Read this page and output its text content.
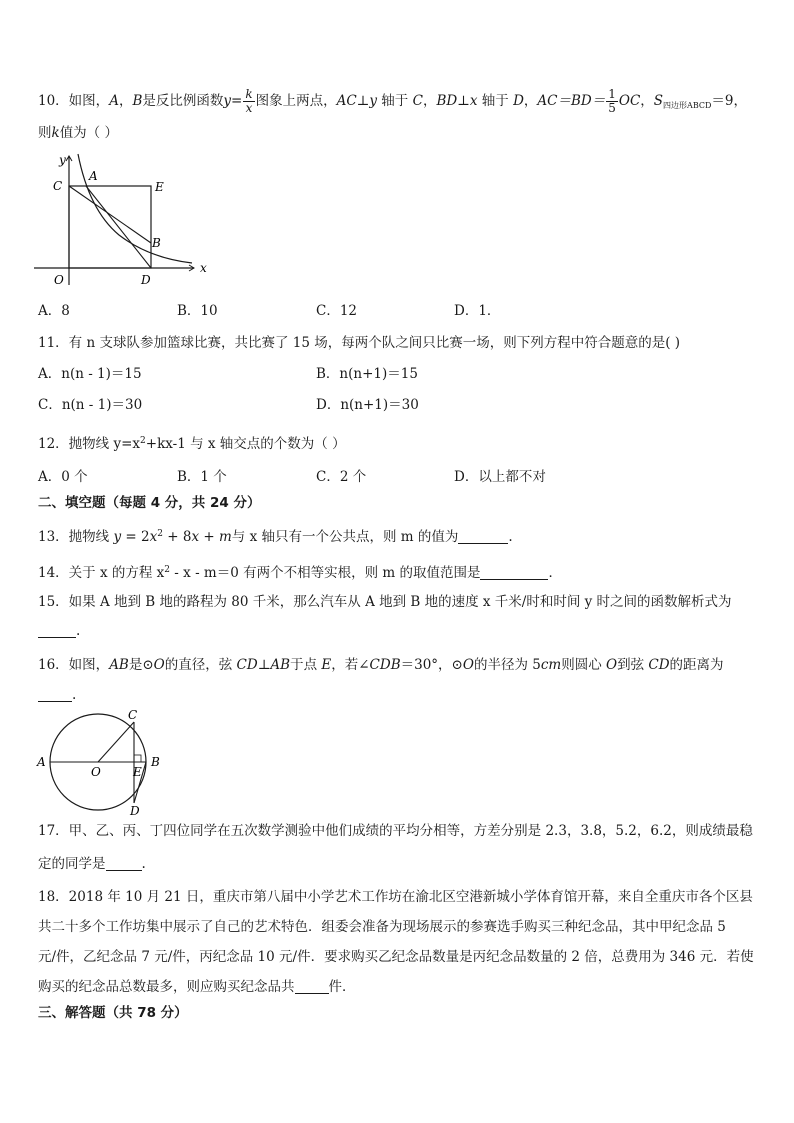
10．如图，A，B是反比例函数$y= \frac{k}{x}$ 图象上两点，AC⊥y 轴于 C，BD⊥x 轴于 D，$AC=BD= \frac{1}{5}$ OC，$S_{四边形ABCD}=9$，
则k值为（ ）
y
x
C
A
E
B
O	D
A．8	B．10	C．12	D．1．
11．有 n 支球队参加篮球比赛，共比赛了 15 场，每两个队之间只比赛一场，则下列方程中符合题意的是( )
A．n(n - 1)＝15	B．n(n+1)＝15
C．n(n - 1)＝30	D．n(n+1)＝30
12．抛物线 $y=x^2+kx-1$ 与 x 轴交点的个数为（ ）
A．0 个	B．1 个	C．2 个	D．以上都不对
二、填空题（每题 4 分，共 24 分）
13．抛物线 $y = 2x^2 + 8x + m$与 x 轴只有一个公共点，则 m 的值为	.
14．关于 x 的方程 $x^2 - x - m=0$ 有两个不相等实根，则 m 的取值范围是	．
15．如果 A 地到 B 地的路程为 80 千米，那么汽车从 A 地到 B 地的速度 x 千米/时和时间 y 时之间的函数解析式为
.
16．如图，AB是⊙O的直径，弦 CD⊥AB于点 E，若∠CDB＝30°，⊙O的半径为 5cm则圆心 O到弦 CD的距离为
.
C
A
O	E
B
D
17．甲、乙、丙、丁四位同学在五次数学测验中他们成绩的平均分相等，方差分别是 2.3，3.8，5.2，6.2，则成绩最稳
定的同学是	.
18．2018 年 10 月 21 日，重庆市第八届中小学艺术工作坊在渝北区空港新城小学体育馆开幕，来自全重庆市各个区县
共二十多个工作坊集中展示了自己的艺术特色．组委会准备为现场展示的参赛选手购买三种纪念品，其中甲纪念品 5
元/件，乙纪念品 7 元/件，丙纪念品 10 元/件．要求购买乙纪念品数量是丙纪念品数量的 2 倍，总费用为 346 元．若使
购买的纪念品总数最多，则应购买纪念品共	件．
三、解答题（共 78 分）
